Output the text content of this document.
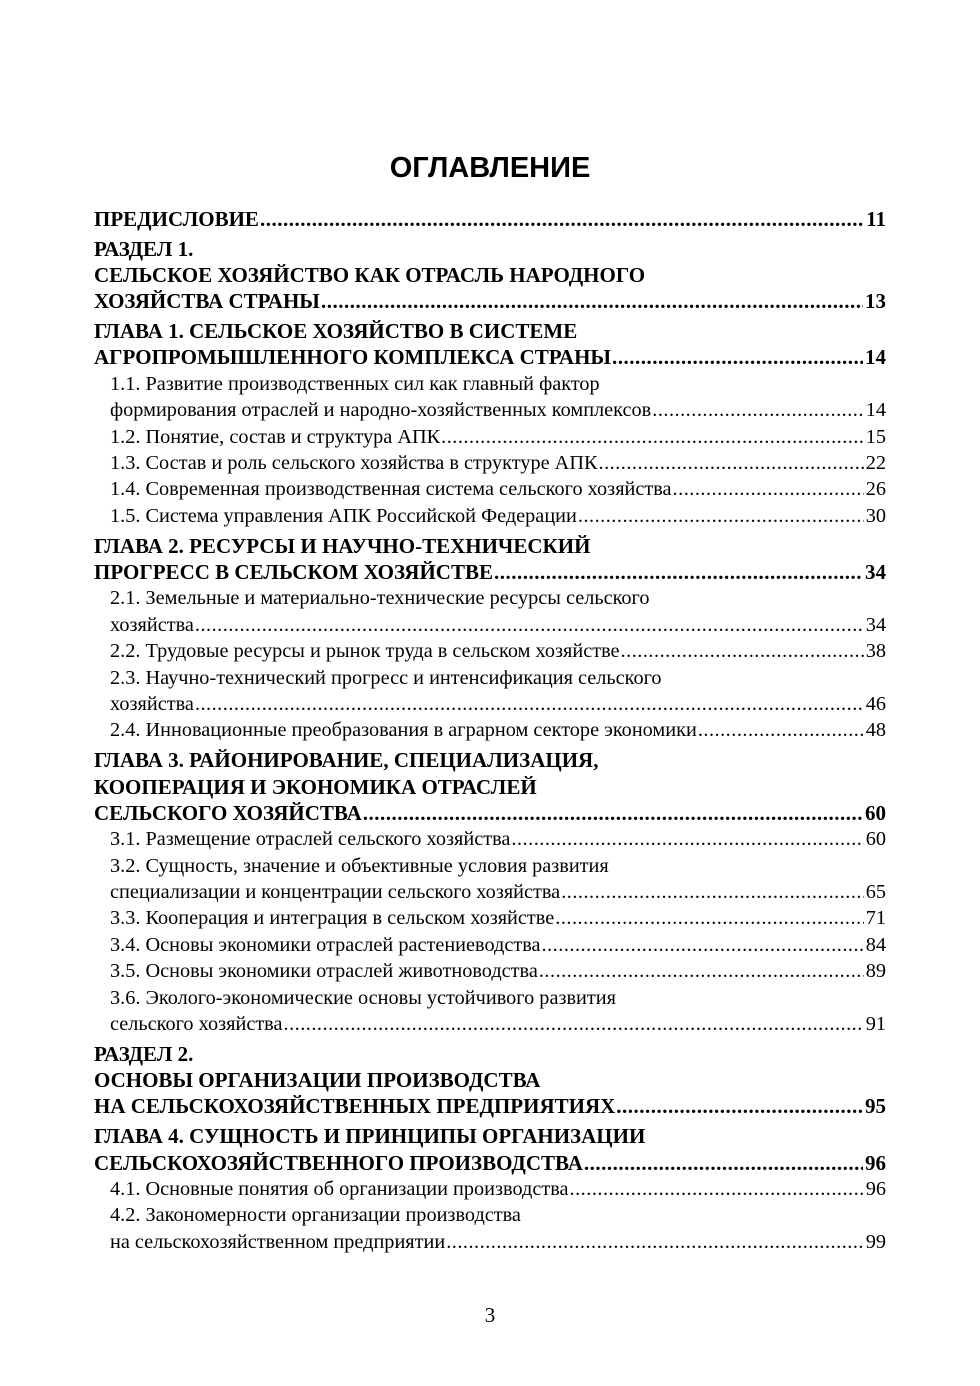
ОГЛАВЛЕНИЕ
ПРЕДИСЛОВИЕ .....	11
РАЗДЕЛ 1.
СЕЛЬСКОЕ ХОЗЯЙСТВО КАК ОТРАСЛЬ НАРОДНОГО
ХОЗЯЙСТВА СТРАНЫ .....	13
ГЛАВА 1. СЕЛЬСКОЕ ХОЗЯЙСТВО В СИСТЕМЕ
АГРОПРОМЫШЛЕННОГО КОМПЛЕКСА СТРАНЫ .....	14
1.1. Развитие производственных сил как главный фактор
формирования отраслей и народно-хозяйственных комплексов .....	14
1.2. Понятие, состав и структура АПК .....	15
1.3. Состав и роль сельского хозяйства в структуре АПК .....	22
1.4. Современная производственная система сельского хозяйства .....	26
1.5. Система управления АПК Российской Федерации .....	30
ГЛАВА 2. РЕСУРСЫ И НАУЧНО-ТЕХНИЧЕСКИЙ
ПРОГРЕСС В СЕЛЬСКОМ ХОЗЯЙСТВЕ .....	34
2.1. Земельные и материально-технические ресурсы сельского
хозяйства .....	34
2.2. Трудовые ресурсы и рынок труда в сельском хозяйстве .....	38
2.3. Научно-технический прогресс и интенсификация сельского
хозяйства .....	46
2.4. Инновационные преобразования в аграрном секторе экономики .....	48
ГЛАВА 3. РАЙОНИРОВАНИЕ, СПЕЦИАЛИЗАЦИЯ,
КООПЕРАЦИЯ И ЭКОНОМИКА ОТРАСЛЕЙ
СЕЛЬСКОГО ХОЗЯЙСТВА .....	60
3.1. Размещение отраслей сельского хозяйства .....	60
3.2. Сущность, значение и объективные условия развития
специализации и концентрации сельского хозяйства .....	65
3.3. Кооперация и интеграция в сельском хозяйстве .....	71
3.4. Основы экономики отраслей растениеводства .....	84
3.5. Основы экономики отраслей животноводства .....	89
3.6. Эколого-экономические основы устойчивого развития
сельского хозяйства .....	91
РАЗДЕЛ 2.
ОСНОВЫ ОРГАНИЗАЦИИ ПРОИЗВОДСТВА
НА СЕЛЬСКОХОЗЯЙСТВЕННЫХ ПРЕДПРИЯТИЯХ .....	95
ГЛАВА 4. СУЩНОСТЬ И ПРИНЦИПЫ ОРГАНИЗАЦИИ
СЕЛЬСКОХОЗЯЙСТВЕННОГО ПРОИЗВОДСТВА .....	96
4.1. Основные понятия об организации производства .....	96
4.2. Закономерности организации производства
на сельскохозяйственном предприятии .....	99
3
